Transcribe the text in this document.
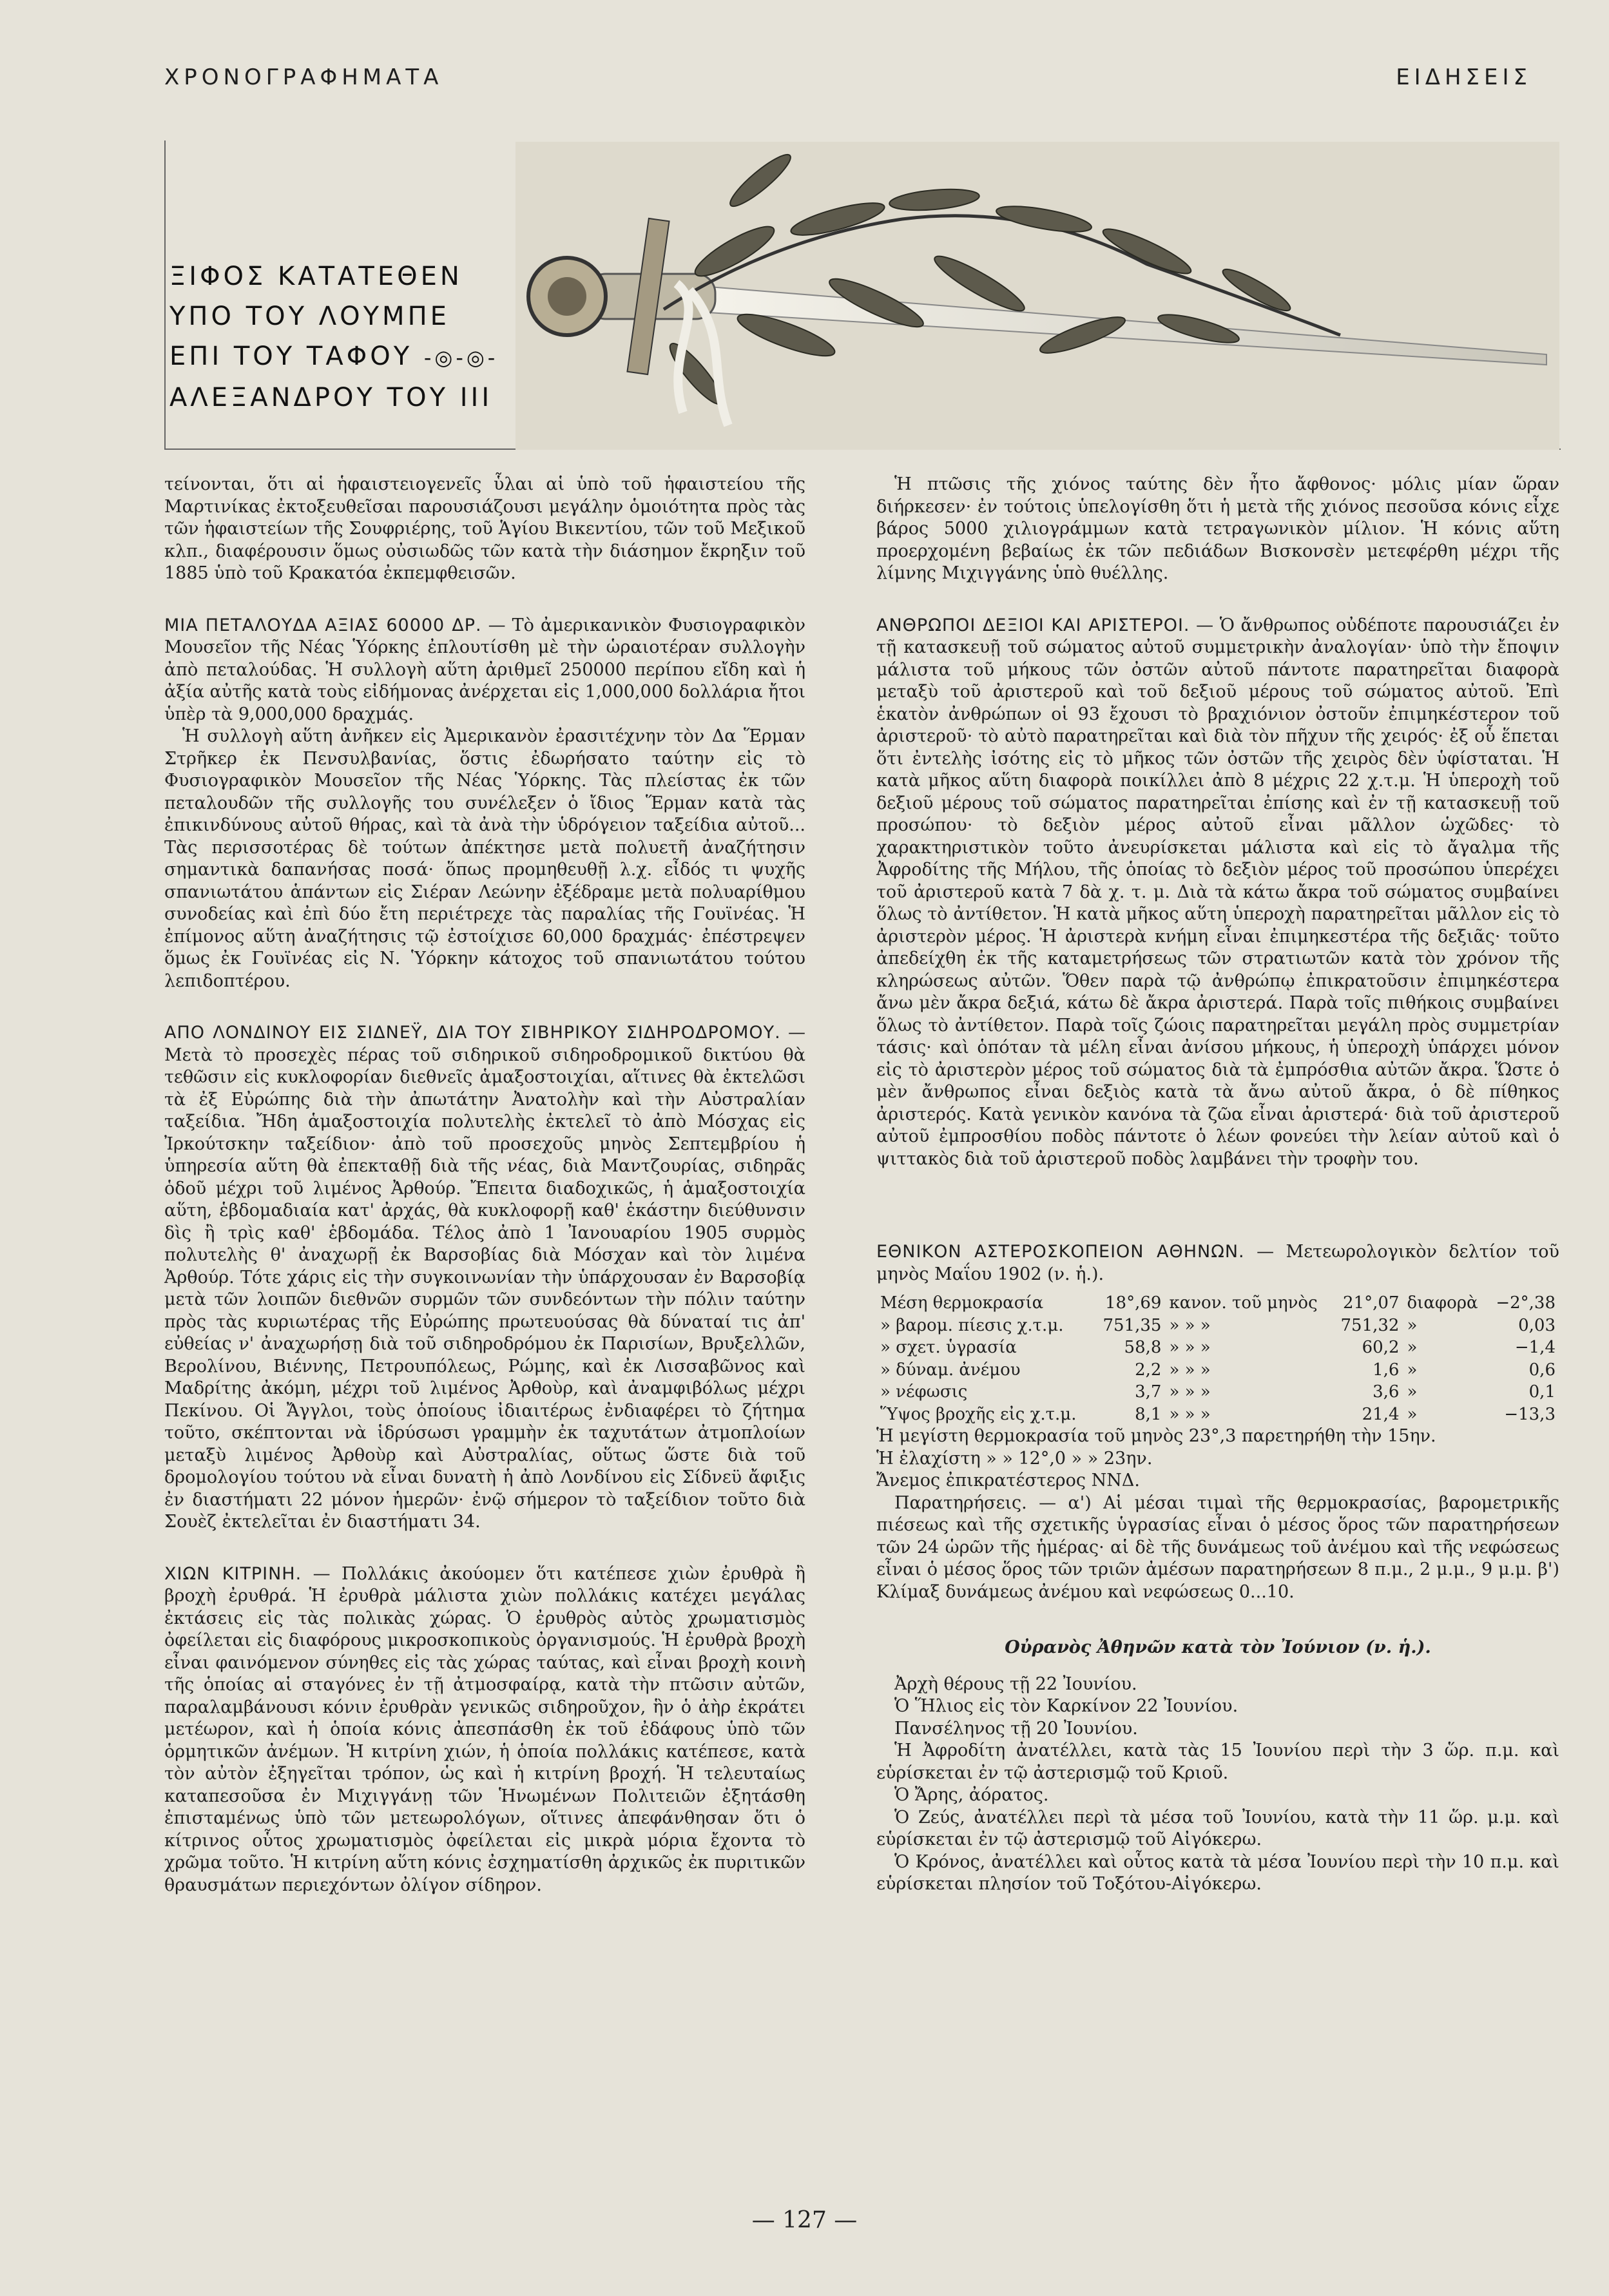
ΧΡΟΝΟΓΡΑΦΗΜΑΤΑ	ΕΙΔΗΣΕΙΣ
ΞΙΦΟΣ ΚΑΤΑΤΕΘΕΝ
ΥΠΟ ΤΟΥ ΛΟΥΜΠΕ
ΕΠΙ ΤΟΥ ΤΑΦΟΥ -◎-◎-
ΑΛΕΞΑΝΔΡΟΥ ΤΟΥ ΙΙΙ

τείνονται, ὅτι αἱ ἡφαιστειογενεῖς ὗλαι αἱ ὑπὸ τοῦ ἡφαιστείου τῆς Μαρτινίκας ἐκτοξευθεῖσαι παρουσιάζουσι μεγάλην ὁμοιότητα πρὸς τὰς τῶν ἡφαιστείων τῆς Σουφριέρης, τοῦ Ἁγίου Βικεντίου, τῶν τοῦ Μεξικοῦ κλπ., διαφέρουσιν ὅμως οὐσιωδῶς τῶν κατὰ τὴν διάσημον ἔκρηξιν τοῦ 1885 ὑπὸ τοῦ Κρακατόα ἐκπεμφθεισῶν.

ΜΙΑ ΠΕΤΑΛΟΥΔΑ ΑΞΙΑΣ 60000 ΔΡ. — Τὸ ἀμερικανικὸν Φυσιογραφικὸν Μουσεῖον τῆς Νέας Ὑόρκης ἐπλουτίσθη μὲ τὴν ὡραιοτέραν συλλογὴν ἀπὸ πεταλούδας. Ἡ συλλογὴ αὕτη ἀριθμεῖ 250000 περίπου εἴδη καὶ ἡ ἀξία αὐτῆς κατὰ τοὺς εἰδήμονας ἀνέρχεται εἰς 1,000,000 δολλάρια ἤτοι ὑπὲρ τὰ 9,000,000 δραχμάς.

Ἡ συλλογὴ αὕτη ἀνῆκεν εἰς Ἀμερικανὸν ἐρασιτέχνην τὸν Δα Ἕρμαν Στρῆκερ ἐκ Πενσυλβανίας, ὅστις ἐδωρήσατο ταύτην εἰς τὸ Φυσιογραφικὸν Μουσεῖον τῆς Νέας Ὑόρκης. Τὰς πλείστας ἐκ τῶν πεταλουδῶν τῆς συλλογῆς του συνέλεξεν ὁ ἴδιος Ἕρμαν κατὰ τὰς ἐπικινδύνους αὐτοῦ θήρας, καὶ τὰ ἀνὰ τὴν ὑδρόγειον ταξείδια αὐτοῦ... Τὰς περισσοτέρας δὲ τούτων ἀπέκτησε μετὰ πολυετῆ ἀναζήτησιν σημαντικὰ δαπανήσας ποσά· ὅπως προμηθευθῇ λ.χ. εἶδός τι ψυχῆς σπανιωτάτου ἁπάντων εἰς Σιέραν Λεώνην ἐξέδραμε μετὰ πολυαρίθμου συνοδείας καὶ ἐπὶ δύο ἔτη περιέτρεχε τὰς παραλίας τῆς Γουϊνέας. Ἡ ἐπίμονος αὕτη ἀναζήτησις τῷ ἐστοίχισε 60,000 δραχμάς· ἐπέστρεψεν ὅμως ἐκ Γουϊνέας εἰς Ν. Ὑόρκην κάτοχος τοῦ σπανιωτάτου τούτου λεπιδοπτέρου.

ΑΠΟ ΛΟΝΔΙΝΟΥ ΕΙΣ ΣΙΔΝΕΫ, ΔΙΑ ΤΟΥ ΣΙΒΗΡΙΚΟΥ ΣΙΔΗΡΟΔΡΟΜΟΥ. — Μετὰ τὸ προσεχὲς πέρας τοῦ σιδηρικοῦ σιδηροδρομικοῦ δικτύου θὰ τεθῶσιν εἰς κυκλοφορίαν διεθνεῖς ἁμαξοστοιχίαι, αἵτινες θὰ ἐκτελῶσι τὰ ἐξ Εὐρώπης διὰ τὴν ἀπωτάτην Ἀνατολὴν καὶ τὴν Αὐστραλίαν ταξείδια. Ἤδη ἁμαξοστοιχία πολυτελὴς ἐκτελεῖ τὸ ἀπὸ Μόσχας εἰς Ἰρκούτσκην ταξείδιον· ἀπὸ τοῦ προσεχοῦς μηνὸς Σεπτεμβρίου ἡ ὑπηρεσία αὕτη θὰ ἐπεκταθῇ διὰ τῆς νέας, διὰ Μαντζουρίας, σιδηρᾶς ὁδοῦ μέχρι τοῦ λιμένος Ἀρθούρ. Ἔπειτα διαδοχικῶς, ἡ ἁμαξοστοιχία αὕτη, ἑβδομαδιαία κατ' ἀρχάς, θὰ κυκλοφορῇ καθ' ἑκάστην διεύθυνσιν δὶς ἢ τρὶς καθ' ἑβδομάδα. Τέλος ἀπὸ 1 Ἰανουαρίου 1905 συρμὸς πολυτελὴς θ' ἀναχωρῇ ἐκ Βαρσοβίας διὰ Μόσχαν καὶ τὸν λιμένα Ἀρθούρ. Τότε χάρις εἰς τὴν συγκοινωνίαν τὴν ὑπάρχουσαν ἐν Βαρσοβίᾳ μετὰ τῶν λοιπῶν διεθνῶν συρμῶν τῶν συνδεόντων τὴν πόλιν ταύτην πρὸς τὰς κυριωτέρας τῆς Εὐρώπης πρωτευούσας θὰ δύναταί τις ἀπ' εὐθείας ν' ἀναχωρήσῃ διὰ τοῦ σιδηροδρόμου ἐκ Παρισίων, Βρυξελλῶν, Βερολίνου, Βιέννης, Πετρουπόλεως, Ρώμης, καὶ ἐκ Λισσαβῶνος καὶ Μαδρίτης ἀκόμη, μέχρι τοῦ λιμένος Ἀρθοὺρ, καὶ ἀναμφιβόλως μέχρι Πεκίνου. Οἱ Ἄγγλοι, τοὺς ὁποίους ἰδιαιτέρως ἐνδιαφέρει τὸ ζήτημα τοῦτο, σκέπτονται νὰ ἱδρύσωσι γραμμὴν ἐκ ταχυτάτων ἀτμοπλοίων μεταξὺ λιμένος Ἀρθοὺρ καὶ Αὐστραλίας, οὕτως ὥστε διὰ τοῦ δρομολογίου τούτου νὰ εἶναι δυνατὴ ἡ ἀπὸ Λονδίνου εἰς Σίδνεϋ ἄφιξις ἐν διαστήματι 22 μόνον ἡμερῶν· ἐνῷ σήμερον τὸ ταξείδιον τοῦτο διὰ Σουὲζ ἐκτελεῖται ἐν διαστήματι 34.

ΧΙΩΝ ΚΙΤΡΙΝΗ. — Πολλάκις ἀκούομεν ὅτι κατέπεσε χιὼν ἐρυθρὰ ἢ βροχὴ ἐρυθρά. Ἡ ἐρυθρὰ μάλιστα χιὼν πολλάκις κατέχει μεγάλας ἐκτάσεις εἰς τὰς πολικὰς χώρας. Ὁ ἐρυθρὸς αὐτὸς χρωματισμὸς ὀφείλεται εἰς διαφόρους μικροσκοπικοὺς ὀργανισμούς. Ἡ ἐρυθρὰ βροχὴ εἶναι φαινόμενον σύνηθες εἰς τὰς χώρας ταύτας, καὶ εἶναι βροχὴ κοινὴ τῆς ὁποίας αἱ σταγόνες ἐν τῇ ἀτμοσφαίρᾳ, κατὰ τὴν πτῶσιν αὐτῶν, παραλαμβάνουσι κόνιν ἐρυθρὰν γενικῶς σιδηροῦχον, ἣν ὁ ἀὴρ ἐκράτει μετέωρον, καὶ ἡ ὁποία κόνις ἀπεσπάσθη ἐκ τοῦ ἐδάφους ὑπὸ τῶν ὁρμητικῶν ἀνέμων. Ἡ κιτρίνη χιών, ἡ ὁποία πολλάκις κατέπεσε, κατὰ τὸν αὐτὸν ἐξηγεῖται τρόπον, ὡς καὶ ἡ κιτρίνη βροχή. Ἡ τελευταίως καταπεσοῦσα ἐν Μιχιγγάνῃ τῶν Ἡνωμένων Πολιτειῶν ἐξητάσθη ἐπισταμένως ὑπὸ τῶν μετεωρολόγων, οἵτινες ἀπεφάνθησαν ὅτι ὁ κίτρινος οὗτος χρωματισμὸς ὀφείλεται εἰς μικρὰ μόρια ἔχοντα τὸ χρῶμα τοῦτο. Ἡ κιτρίνη αὕτη κόνις ἐσχηματίσθη ἀρχικῶς ἐκ πυριτικῶν θραυσμάτων περιεχόντων ὀλίγον σίδηρον.

Ἡ πτῶσις τῆς χιόνος ταύτης δὲν ἦτο ἄφθονος· μόλις μίαν ὥραν διήρκεσεν· ἐν τούτοις ὑπελογίσθη ὅτι ἡ μετὰ τῆς χιόνος πεσοῦσα κόνις εἶχε βάρος 5000 χιλιογράμμων κατὰ τετραγωνικὸν μίλιον. Ἡ κόνις αὕτη προερχομένη βεβαίως ἐκ τῶν πεδιάδων Βισκονσὲν μετεφέρθη μέχρι τῆς λίμνης Μιχιγγάνης ὑπὸ θυέλλης.

ΑΝΘΡΩΠΟΙ ΔΕΞΙΟΙ ΚΑΙ ΑΡΙΣΤΕΡΟΙ. — Ὁ ἄνθρωπος οὐδέποτε παρουσιάζει ἐν τῇ κατασκευῇ τοῦ σώματος αὐτοῦ συμμετρικὴν ἀναλογίαν· ὑπὸ τὴν ἔποψιν μάλιστα τοῦ μήκους τῶν ὀστῶν αὐτοῦ πάντοτε παρατηρεῖται διαφορὰ μεταξὺ τοῦ ἀριστεροῦ καὶ τοῦ δεξιοῦ μέρους τοῦ σώματος αὐτοῦ. Ἐπὶ ἑκατὸν ἀνθρώπων οἱ 93 ἔχουσι τὸ βραχιόνιον ὀστοῦν ἐπιμηκέστερον τοῦ ἀριστεροῦ· τὸ αὐτὸ παρατηρεῖται καὶ διὰ τὸν πῆχυν τῆς χειρός· ἐξ οὗ ἕπεται ὅτι ἐντελὴς ἰσότης εἰς τὸ μῆκος τῶν ὀστῶν τῆς χειρὸς δὲν ὑφίσταται. Ἡ κατὰ μῆκος αὕτη διαφορὰ ποικίλλει ἀπὸ 8 μέχρις 22 χ.τ.μ. Ἡ ὑπεροχὴ τοῦ δεξιοῦ μέρους τοῦ σώματος παρατηρεῖται ἐπίσης καὶ ἐν τῇ κατασκευῇ τοῦ προσώπου· τὸ δεξιὸν μέρος αὐτοῦ εἶναι μᾶλλον ὡχῶδες· τὸ χαρακτηριστικὸν τοῦτο ἀνευρίσκεται μάλιστα καὶ εἰς τὸ ἄγαλμα τῆς Ἀφροδίτης τῆς Μήλου, τῆς ὁποίας τὸ δεξιὸν μέρος τοῦ προσώπου ὑπερέχει τοῦ ἀριστεροῦ κατὰ 7 δὰ χ. τ. μ. Διὰ τὰ κάτω ἄκρα τοῦ σώματος συμβαίνει ὅλως τὸ ἀντίθετον. Ἡ κατὰ μῆκος αὕτη ὑπεροχὴ παρατηρεῖται μᾶλλον εἰς τὸ ἀριστερὸν μέρος. Ἡ ἀριστερὰ κνήμη εἶναι ἐπιμηκεστέρα τῆς δεξιᾶς· τοῦτο ἀπεδείχθη ἐκ τῆς καταμετρήσεως τῶν στρατιωτῶν κατὰ τὸν χρόνον τῆς κληρώσεως αὐτῶν. Ὅθεν παρὰ τῷ ἀνθρώπῳ ἐπικρατοῦσιν ἐπιμηκέστερα ἄνω μὲν ἄκρα δεξιά, κάτω δὲ ἄκρα ἀριστερά. Παρὰ τοῖς πιθήκοις συμβαίνει ὅλως τὸ ἀντίθετον. Παρὰ τοῖς ζώοις παρατηρεῖται μεγάλη πρὸς συμμετρίαν τάσις· καὶ ὁπόταν τὰ μέλη εἶναι ἀνίσου μήκους, ἡ ὑπεροχὴ ὑπάρχει μόνον εἰς τὸ ἀριστερὸν μέρος τοῦ σώματος διὰ τὰ ἐμπρόσθια αὐτῶν ἄκρα. Ὥστε ὁ μὲν ἄνθρωπος εἶναι δεξιὸς κατὰ τὰ ἄνω αὐτοῦ ἄκρα, ὁ δὲ πίθηκος ἀριστερός. Κατὰ γενικὸν κανόνα τὰ ζῶα εἶναι ἀριστερά· διὰ τοῦ ἀριστεροῦ αὐτοῦ ἐμπροσθίου ποδὸς πάντοτε ὁ λέων φονεύει τὴν λείαν αὐτοῦ καὶ ὁ ψιττακὸς διὰ τοῦ ἀριστεροῦ ποδὸς λαμβάνει τὴν τροφὴν του.

ΕΘΝΙΚΟΝ ΑΣΤΕΡΟΣΚΟΠΕΙΟΝ ΑΘΗΝΩΝ. — Μετεωρολογικὸν δελτίον τοῦ μηνὸς Μαΐου 1902 (ν. ἡ.).

Μέση θερμοκρασία	18°,69	κανον. τοῦ μηνὸς	21°,07	διαφορὰ	−2°,38
» βαρομ. πίεσις χ.τ.μ.	751,35	» » »	751,32	»	0,03
» σχετ. ὑγρασία	58,8	» » »	60,2	»	−1,4
» δύναμ. ἀνέμου	2,2	» » »	1,6	»	0,6
» νέφωσις	3,7	» » »	3,6	»	0,1
Ὕψος βροχῆς εἰς χ.τ.μ.	8,1	» » »	21,4	»	−13,3

Ἡ μεγίστη θερμοκρασία τοῦ μηνὸς 23°,3 παρετηρήθη τὴν 15ην.

Ἡ ἐλαχίστη » » 12°,0 » » 23ην.

Ἄνεμος ἐπικρατέστερος ΝΝΔ.

Παρατηρήσεις. — α') Αἱ μέσαι τιμαὶ τῆς θερμοκρασίας, βαρομετρικῆς πιέσεως καὶ τῆς σχετικῆς ὑγρασίας εἶναι ὁ μέσος ὅρος τῶν παρατηρήσεων τῶν 24 ὡρῶν τῆς ἡμέρας· αἱ δὲ τῆς δυνάμεως τοῦ ἀνέμου καὶ τῆς νεφώσεως εἶναι ὁ μέσος ὅρος τῶν τριῶν ἀμέσων παρατηρήσεων 8 π.μ., 2 μ.μ., 9 μ.μ. β') Κλίμαξ δυνάμεως ἀνέμου καὶ νεφώσεως 0...10.

Οὐρανὸς Ἀθηνῶν κατὰ τὸν Ἰούνιον (ν. ἡ.).

Ἀρχὴ θέρους τῇ 22 Ἰουνίου.

Ὁ Ἥλιος εἰς τὸν Καρκίνον 22 Ἰουνίου.

Πανσέληνος τῇ 20 Ἰουνίου.

Ἡ Ἀφροδίτη ἀνατέλλει, κατὰ τὰς 15 Ἰουνίου περὶ τὴν 3 ὥρ. π.μ. καὶ εὑρίσκεται ἐν τῷ ἀστερισμῷ τοῦ Κριοῦ.

Ὁ Ἄρης, ἀόρατος.

Ὁ Ζεύς, ἀνατέλλει περὶ τὰ μέσα τοῦ Ἰουνίου, κατὰ τὴν 11 ὥρ. μ.μ. καὶ εὑρίσκεται ἐν τῷ ἀστερισμῷ τοῦ Αἰγόκερω.

Ὁ Κρόνος, ἀνατέλλει καὶ οὗτος κατὰ τὰ μέσα Ἰουνίου περὶ τὴν 10 π.μ. καὶ εὑρίσκεται πλησίον τοῦ Τοξότου-Αἰγόκερω.

— 127 —
